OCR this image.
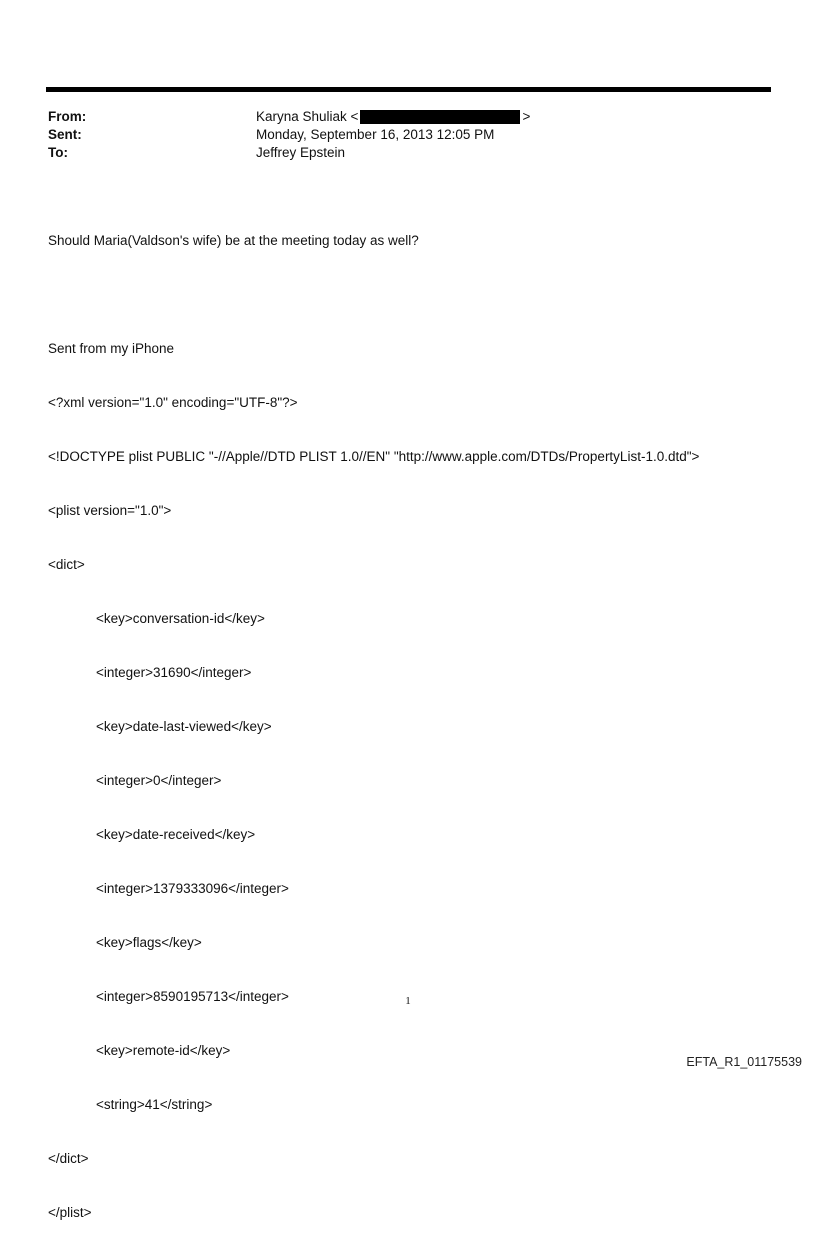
From:	Karyna Shuliak <	>
Sent:	Monday, September 16, 2013 12:05 PM
To:	Jeffrey Epstein

Should Maria(Valdson's wife) be at the meeting today as well?

Sent from my iPhone

<?xml version="1.0" encoding="UTF-8"?>

<!DOCTYPE plist PUBLIC "-//Apple//DTD PLIST 1.0//EN" "http://www.apple.com/DTDs/PropertyList-1.0.dtd">

<plist version="1.0">

<dict>

<key>conversation-id</key>

<integer>31690</integer>

<key>date-last-viewed</key>

<integer>0</integer>

<key>date-received</key>

<integer>1379333096</integer>

<key>flags</key>

<integer>8590195713</integer>

<key>remote-id</key>

<string>41</string>

</dict>

</plist>

1
EFTA_R1_01175539
